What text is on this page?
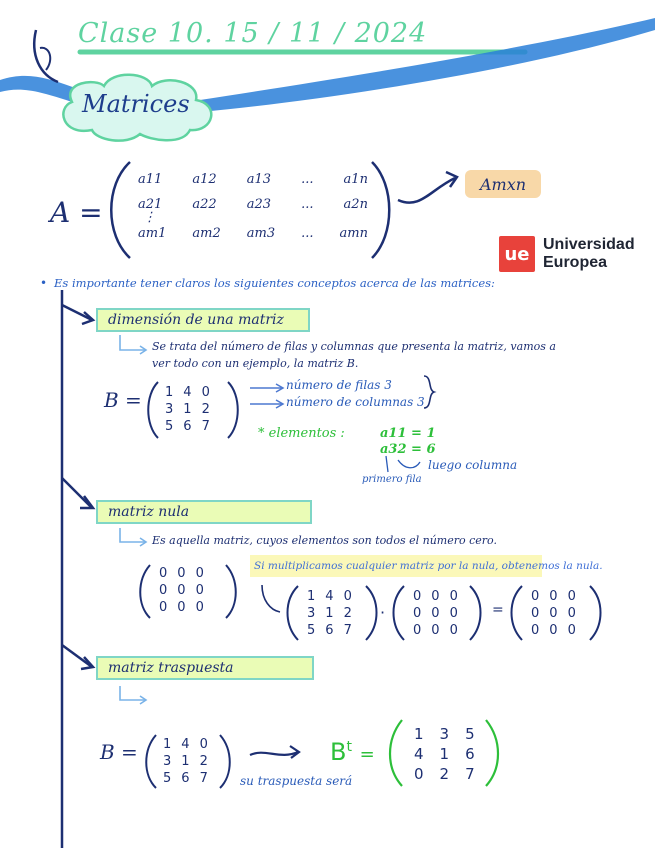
Clase 10. 15 / 11 / 2024
Matrices
A =
a11 a12 a13 ... a1n
a21 a22 a23 ... a2n
⋮
am1 am2 am3 ... amn
Amxn
ue Universidad
Europea
• Es importante tener claros los siguientes conceptos acerca de las matrices:
dimensión de una matriz
Se trata del número de filas y columnas que presenta la matriz, vamos a ver todo con un ejemplo, la matriz B.
B = 1	4	0
3	1	2
5	6	7
número de filas 3
número de columnas 3
* elementos :	a11 = 1
a32 = 6
luego columna
primero fila
matriz nula
Es aquella matriz, cuyos elementos son todos el número cero.
0	0	0
0	0	0
0	0	0
Si multiplicamos cualquier matriz por la nula, obtenemos la nula.
1	4	0
3	1	2
5	6	7
·
0	0	0
0	0	0
0	0	0
=
0	0	0
0	0	0
0	0	0
matriz traspuesta
B = 1	4	0
3	1	2
5	6	7	su traspuesta será
$B^t$ =
1	3	5
4	1	6
0	2	7
